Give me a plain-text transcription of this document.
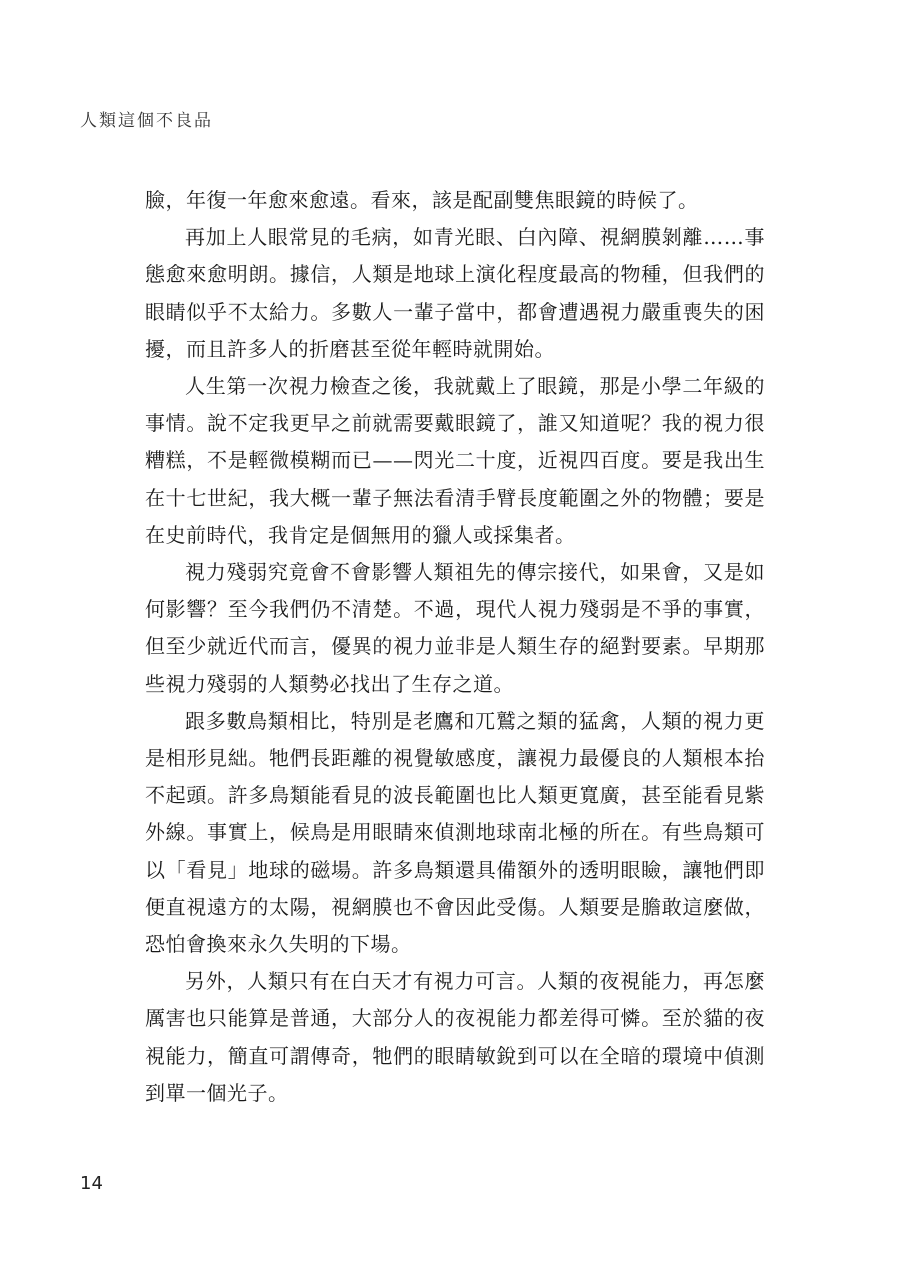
人類這個不良品

臉，年復一年愈來愈遠。看來，該是配副雙焦眼鏡的時候了。

再加上人眼常見的毛病，如青光眼、白內障、視網膜剝離……事態愈來愈明朗。據信，人類是地球上演化程度最高的物種，但我們的眼睛似乎不太給力。多數人一輩子當中，都會遭遇視力嚴重喪失的困擾，而且許多人的折磨甚至從年輕時就開始。

人生第一次視力檢查之後，我就戴上了眼鏡，那是小學二年級的事情。說不定我更早之前就需要戴眼鏡了，誰又知道呢？我的視力很糟糕，不是輕微模糊而已——閃光二十度，近視四百度。要是我出生在十七世紀，我大概一輩子無法看清手臂長度範圍之外的物體；要是在史前時代，我肯定是個無用的獵人或採集者。

視力殘弱究竟會不會影響人類祖先的傳宗接代，如果會，又是如何影響？至今我們仍不清楚。不過，現代人視力殘弱是不爭的事實，但至少就近代而言，優異的視力並非是人類生存的絕對要素。早期那些視力殘弱的人類勢必找出了生存之道。

跟多數鳥類相比，特別是老鷹和兀鷲之類的猛禽，人類的視力更是相形見絀。牠們長距離的視覺敏感度，讓視力最優良的人類根本抬不起頭。許多鳥類能看見的波長範圍也比人類更寬廣，甚至能看見紫外線。事實上，候鳥是用眼睛來偵測地球南北極的所在。有些鳥類可以「看見」地球的磁場。許多鳥類還具備額外的透明眼瞼，讓牠們即便直視遠方的太陽，視網膜也不會因此受傷。人類要是膽敢這麼做，恐怕會換來永久失明的下場。

另外，人類只有在白天才有視力可言。人類的夜視能力，再怎麼厲害也只能算是普通，大部分人的夜視能力都差得可憐。至於貓的夜視能力，簡直可謂傳奇，牠們的眼睛敏銳到可以在全暗的環境中偵測到單一個光子。

14
